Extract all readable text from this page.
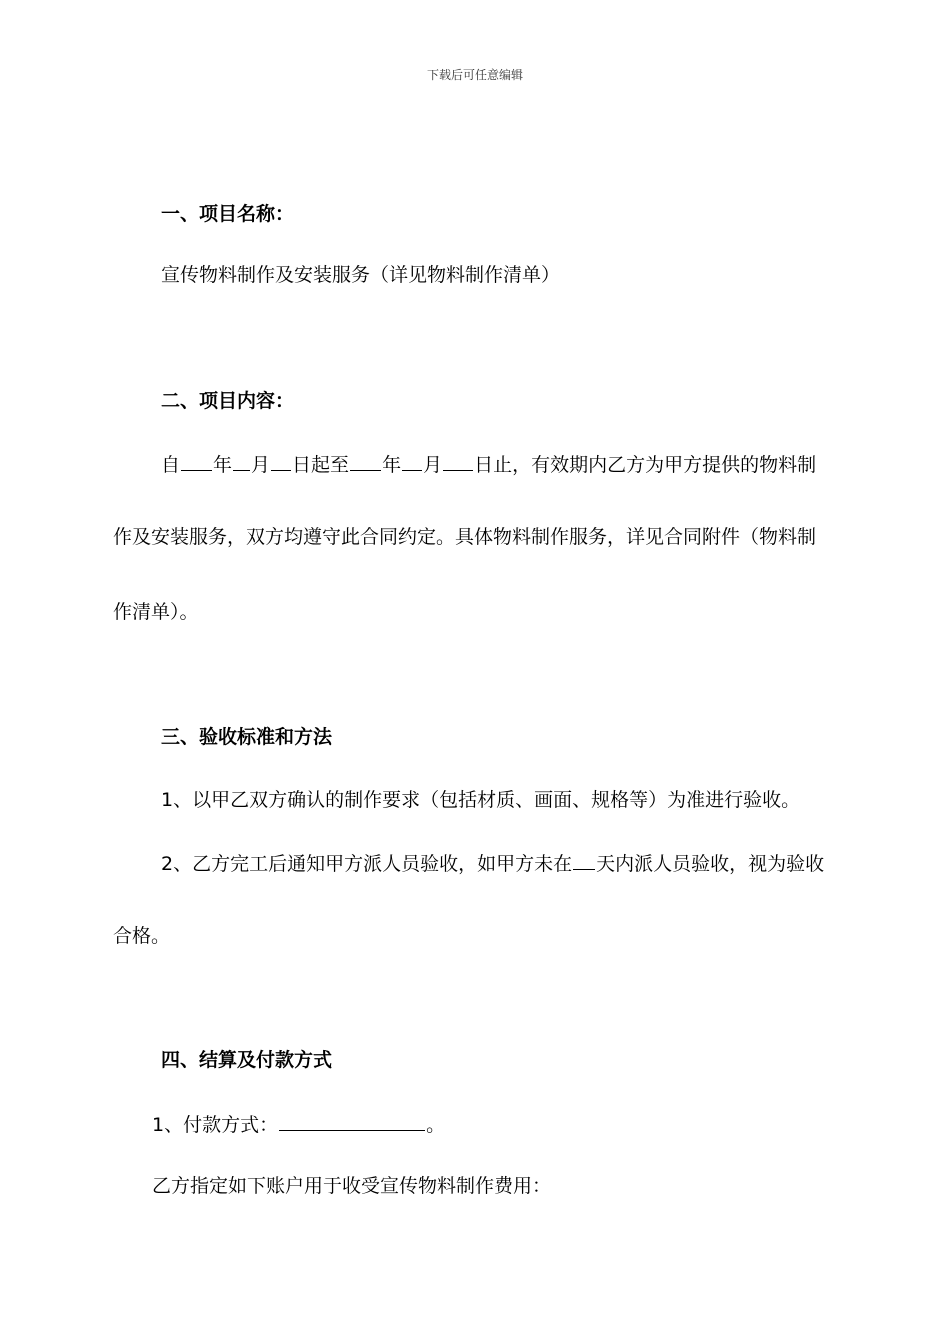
下载后可任意编辑
一、项目名称：
宣传物料制作及安装服务（详见物料制作清单）
二、项目内容：
自 年 月 日起至 年 月 日止，有效期内乙方为甲方提供的物料制
作及安装服务，双方均遵守此合同约定。具体物料制作服务，详见合同附件（物料制
作清单）。
三、验收标准和方法
1、以甲乙双方确认的制作要求（包括材质、画面、规格等）为准进行验收。
2、乙方完工后通知甲方派人员验收，如甲方未在 天内派人员验收，视为验收
合格。
四、结算及付款方式
1、付款方式：	。
乙方指定如下账户用于收受宣传物料制作费用：
